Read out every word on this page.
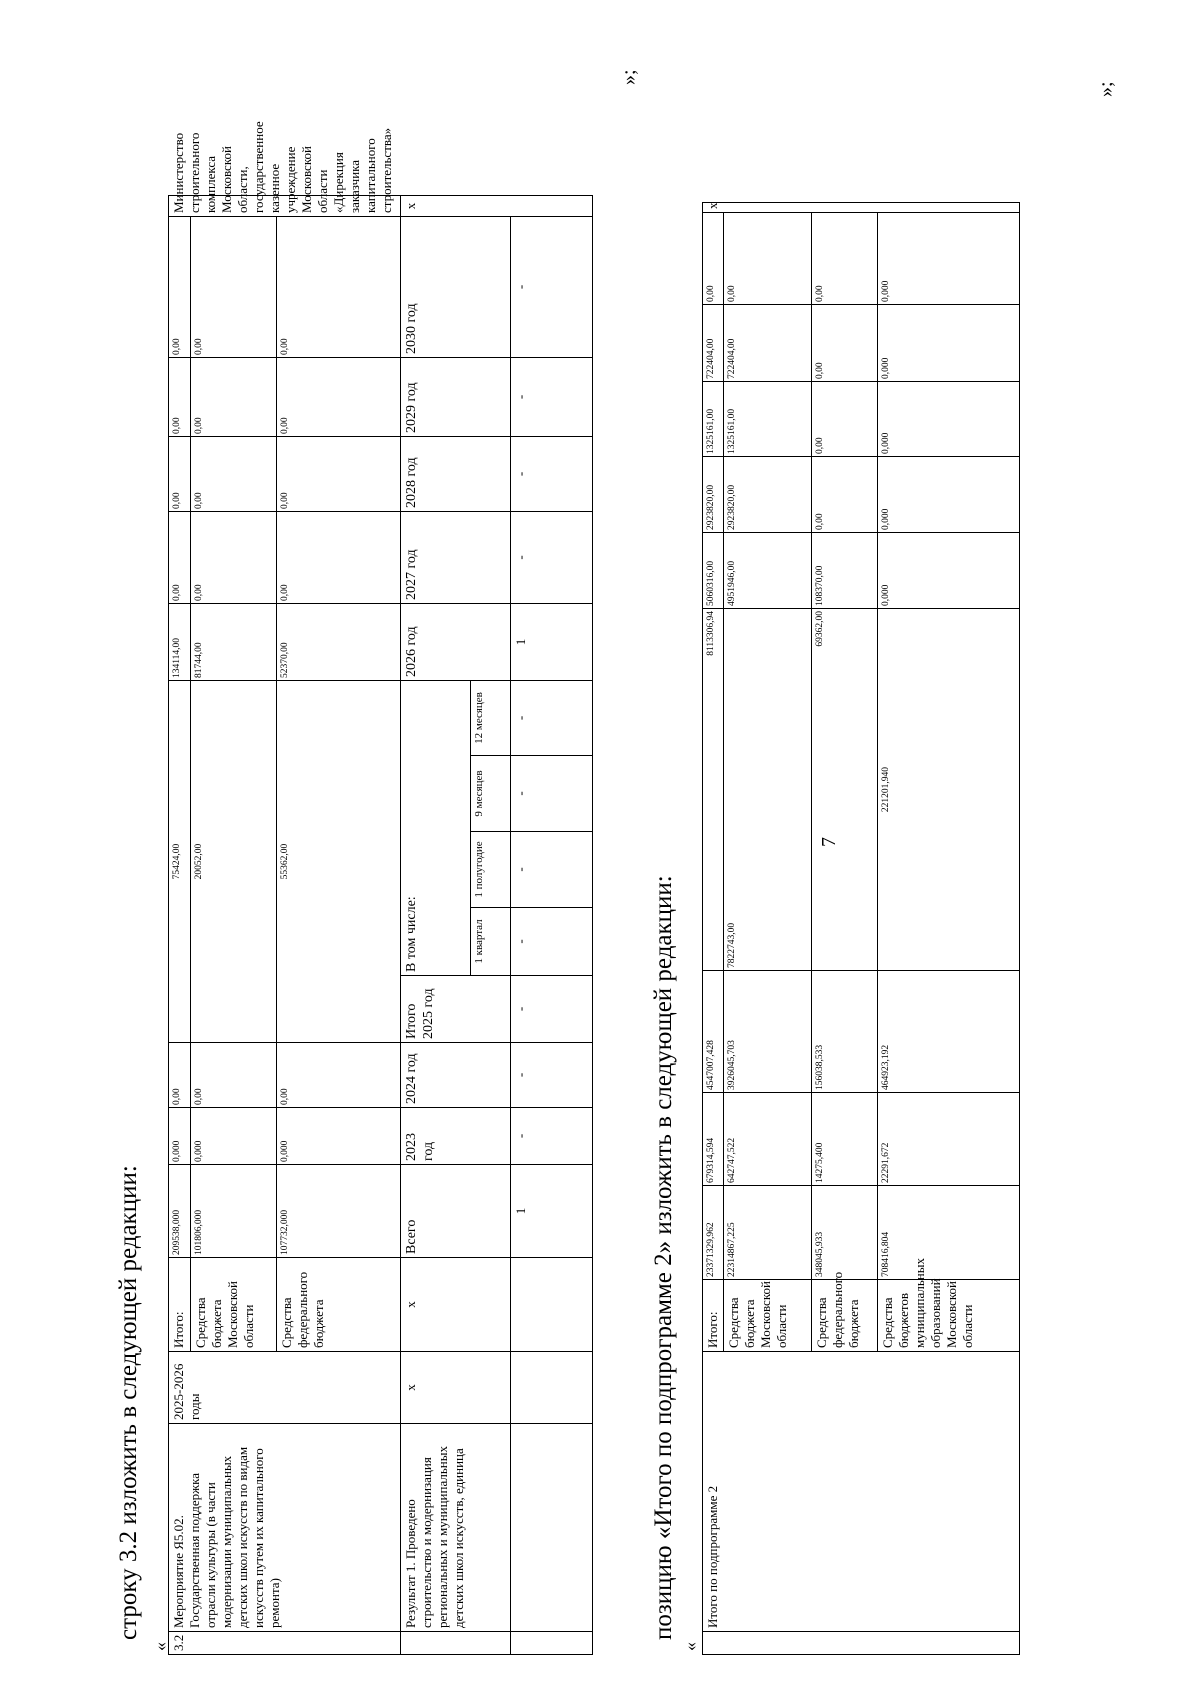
7
строку 3.2 изложить в следующей редакции:
« 3.2	Мероприятие Я5.02. Государственная поддержка отрасли культуры (в части модернизации муниципальных детских школ искусств по видам искусств путем их капитального ремонта)	2025-2026 годы	Итого:	209538,000	0,000	0,00	75424,00					134114,00	0,00	0,00	0,00	0,00	Министерство строительного комплекса Московской области, государственное казенное учреждение Московской области «Дирекция заказчика капитального строительства»
			Средства бюджета Московской области	101806,000	0,000	0,00	20052,00					81744,00	0,00	0,00	0,00	0,00	
			Средства федерального бюджета	107732,000	0,000	0,00	55362,00					52370,00	0,00	0,00	0,00	0,00	
	Результат 1. Проведено строительство и модернизация региональных и муниципальных детских школ искусств, единица	х	х	Всего	2023 год	2024 год	Итого 2025 год	В том числе:				2026 год	2027 год	2028 год	2029 год	2030 год	х
								1 квартал	1 полугодие	9 месяцев	12 месяцев						
				1	-	-	-	-	-	-	-	1	-	-	-	-	
»;
позицию «Итого по подпрограмме 2» изложить в следующей редакции:
«
	Итого по подпрограмме 2	Итого:	23371329,962	679314,594	4547007,428	8113306,94	5060316,00	2923820,00	1325161,00	722404,00	0,00	х
		Средства бюджета Московской области	22314867,225	642747,522	3926045,703	7822743,00	4951946,00	2923820,00	1325161,00	722404,00	0,00	
		Средства федерального бюджета	348045,933	14275,400	156038,533	69362,00	108370,00	0,00	0,00	0,00	0,00	
		Средства бюджетов муниципальных образований Московской области	708416,804	22291,672	464923,192	221201,940	0,000	0,000	0,000	0,000	0,000	
»;
